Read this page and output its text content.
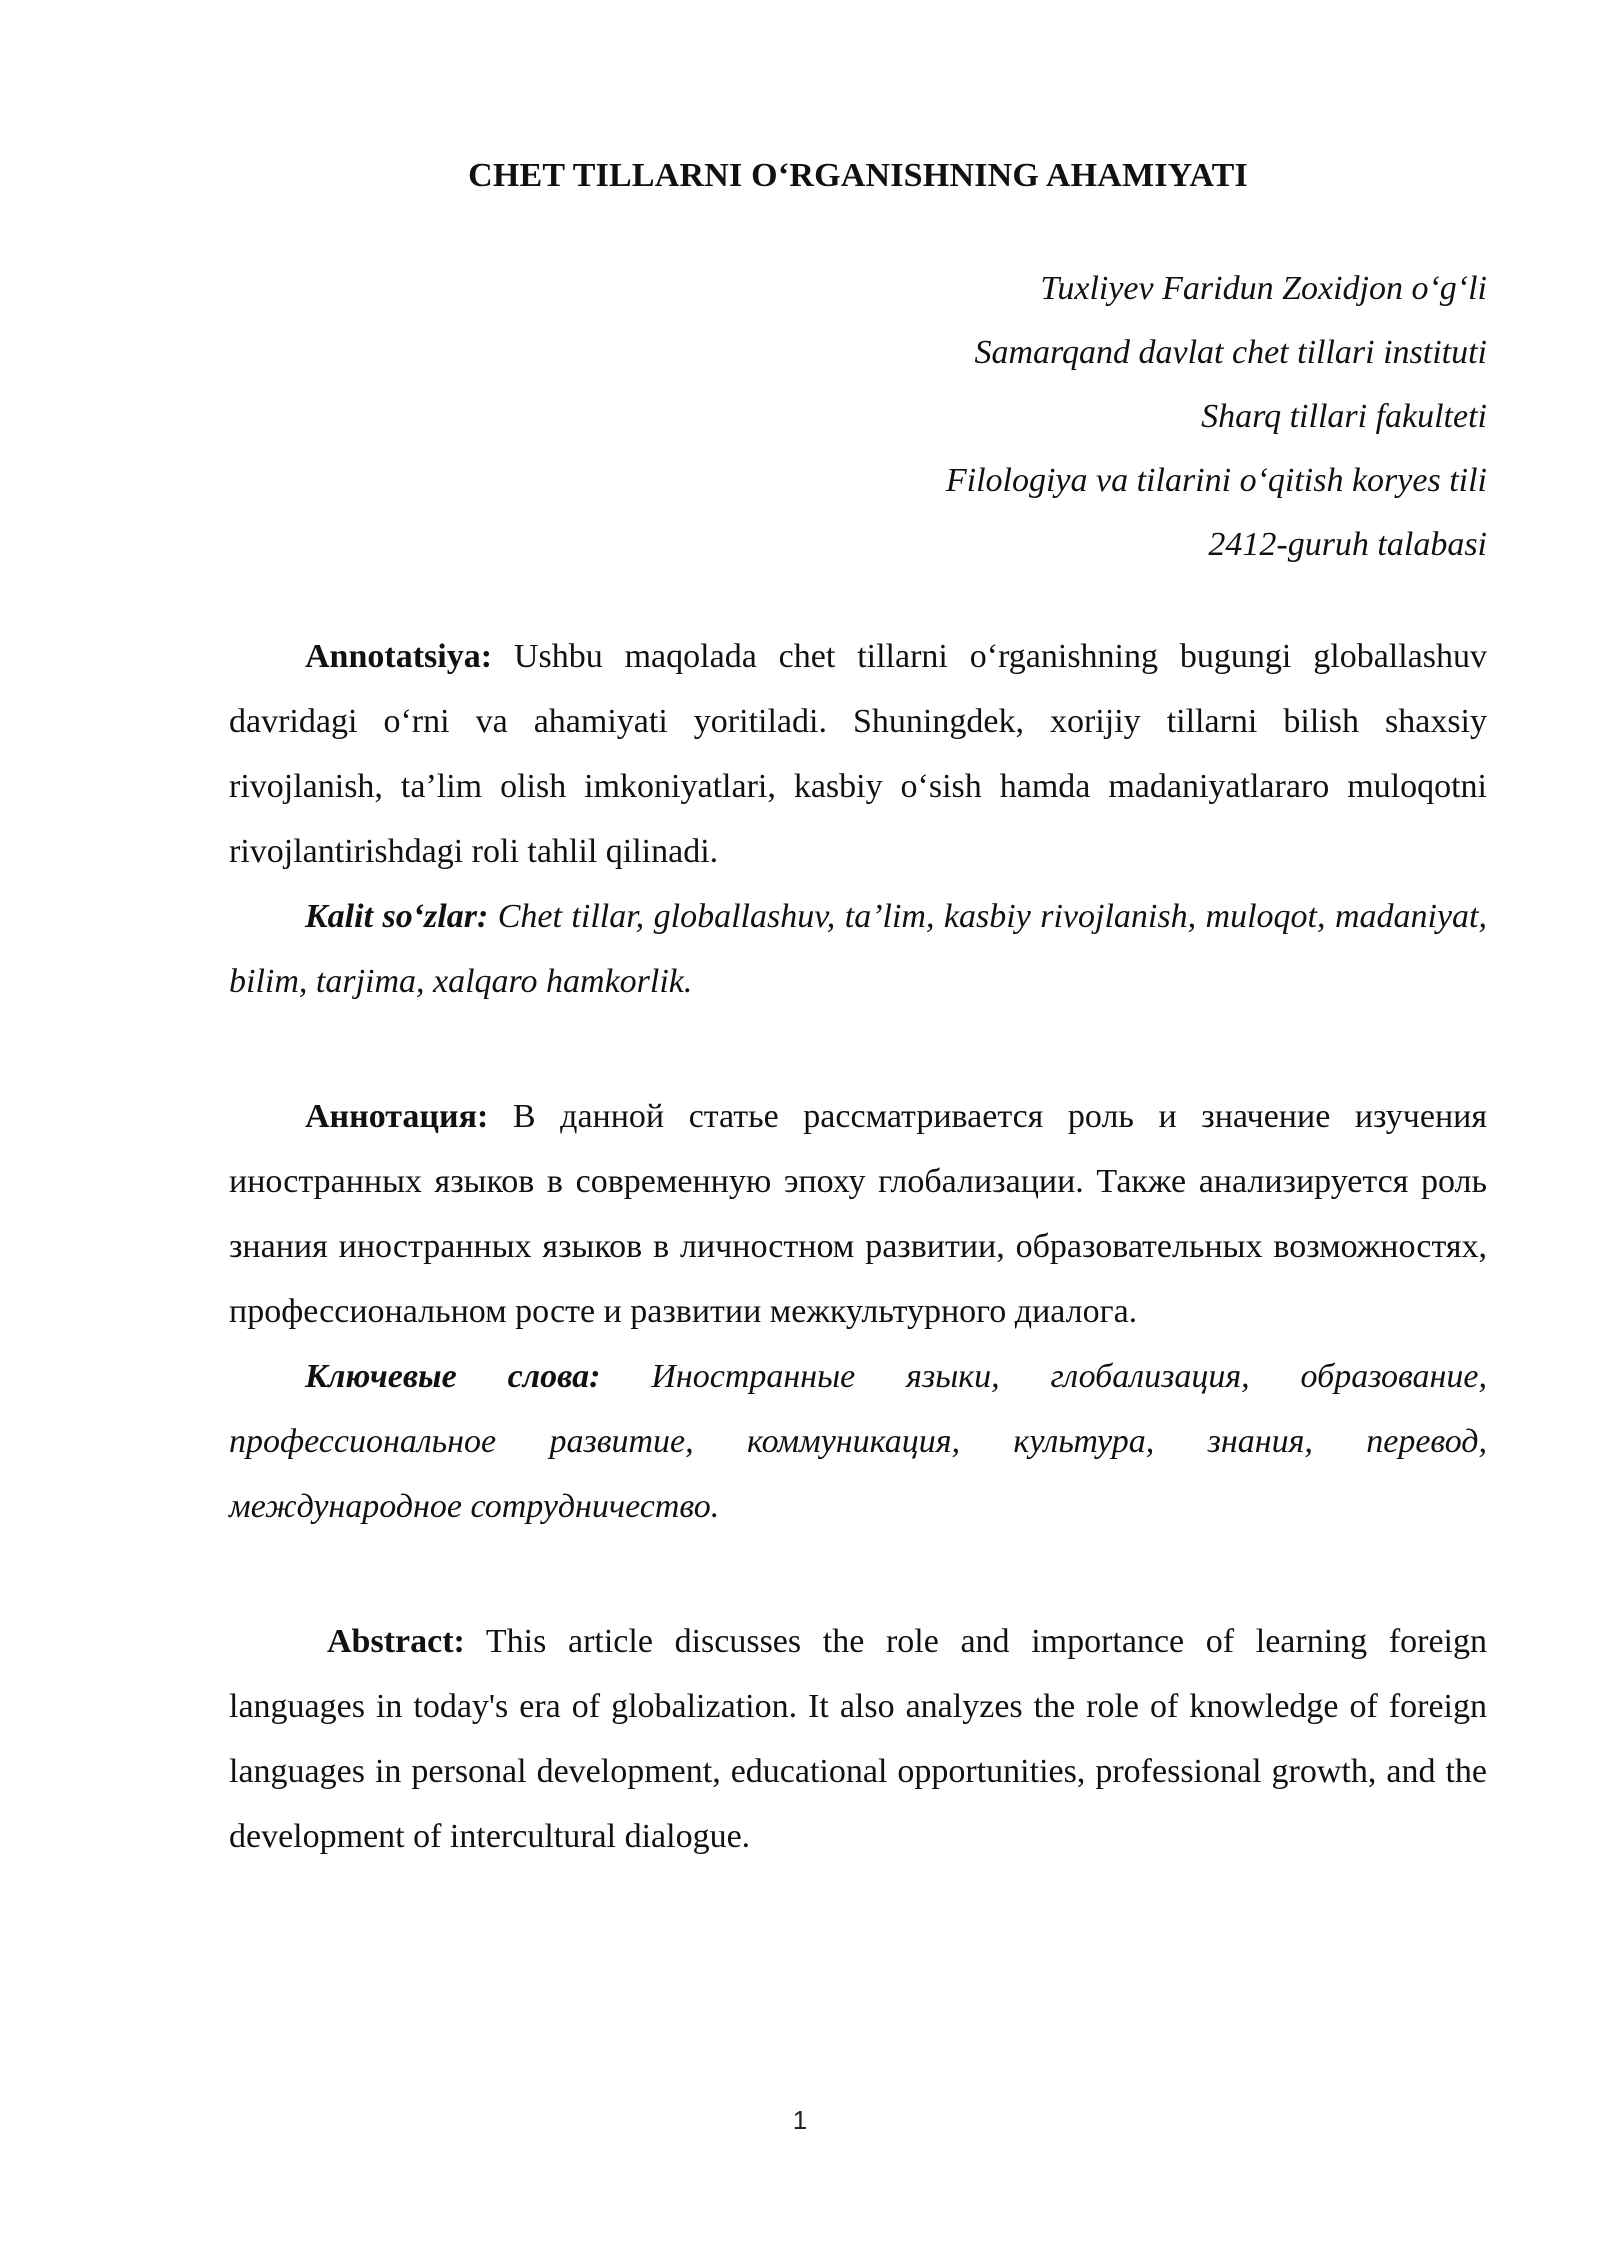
CHET TILLARNI O‘RGANISHNING AHAMIYATI
Tuxliyev Faridun Zoxidjon o‘g‘li
Samarqand davlat chet tillari instituti
Sharq tillari fakulteti
Filologiya va tilarini o‘qitish koryes tili
2412-guruh talabasi

Annotatsiya: Ushbu maqolada chet tillarni o‘rganishning bugungi globallashuv davridagi o‘rni va ahamiyati yoritiladi. Shuningdek, xorijiy tillarni bilish shaxsiy rivojlanish, ta’lim olish imkoniyatlari, kasbiy o‘sish hamda madaniyatlararo muloqotni rivojlantirishdagi roli tahlil qilinadi.

Kalit so‘zlar: Chet tillar, globallashuv, ta’lim, kasbiy rivojlanish, muloqot, madaniyat, bilim, tarjima, xalqaro hamkorlik.

Аннотация: В данной статье рассматривается роль и значение изучения иностранных языков в современную эпоху глобализации. Также анализируется роль знания иностранных языков в личностном развитии, образовательных возможностях, профессиональном росте и развитии межкультурного диалога.

Ключевые слова: Иностранные языки, глобализация, образование, профессиональное развитие, коммуникация, культура, знания, перевод, международное сотрудничество.

Abstract: This article discusses the role and importance of learning foreign languages in today's era of globalization. It also analyzes the role of knowledge of foreign languages in personal development, educational opportunities, professional growth, and the development of intercultural dialogue.

1
